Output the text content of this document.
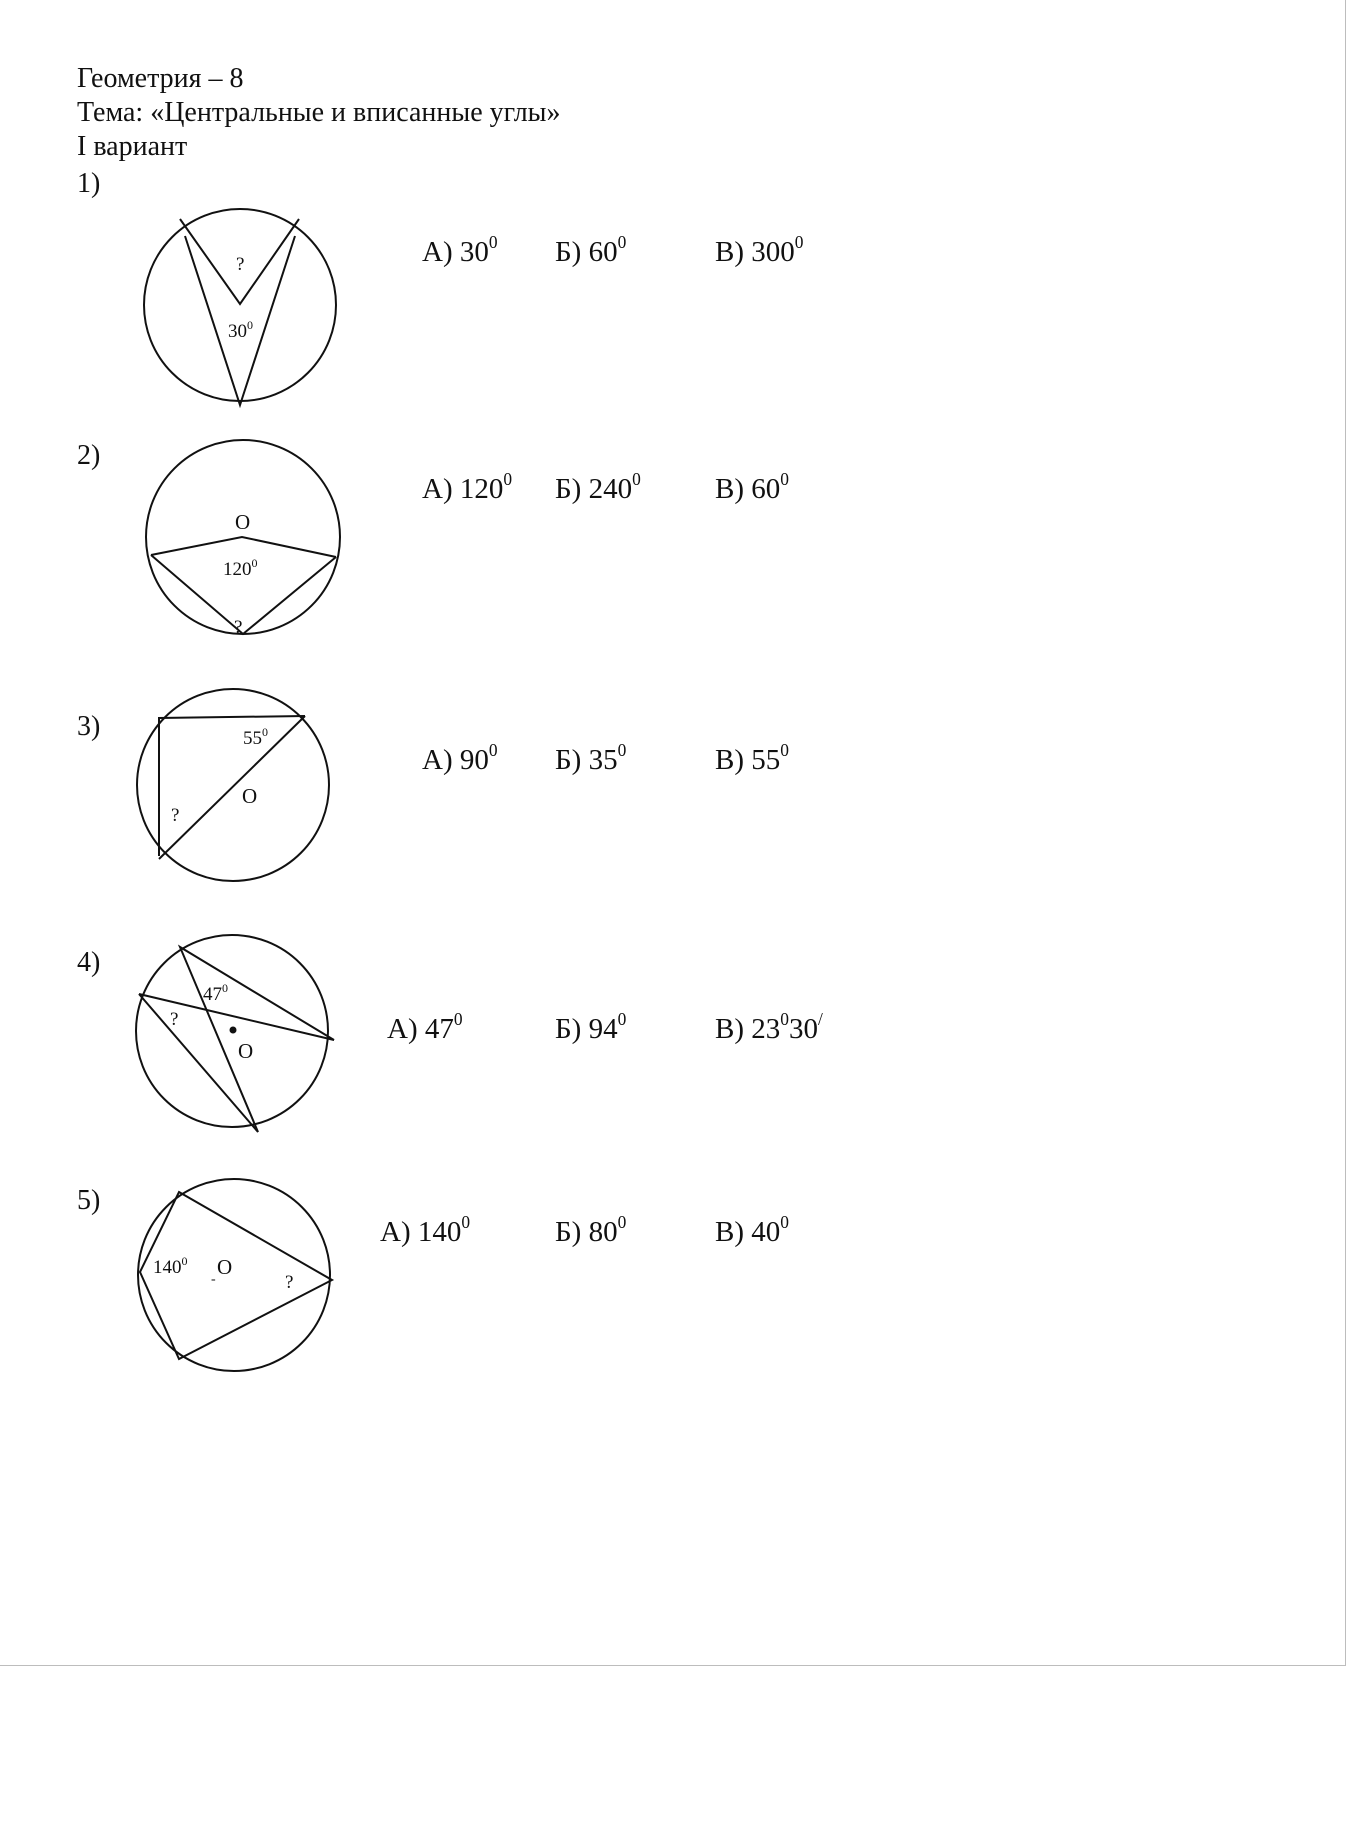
Геометрия – 8
Тема: «Центральные и вписанные углы»
I вариант
1)
?
$30^0$
А) $30^0$ Б) $60^0$	В) $300^0$
2)
O
$120^0$
?
А) $120^0$ Б) $240^0$	В) $60^0$
3)	$55^0$
O
?
А) $90^0$ Б) $35^0$	В) $55^0$
4)
$47^0$
?
O
А) $47^0$	Б) $94^0$	В) $23^030^/$
5)
$140^0$
-
O
?
А) $140^0$	Б) $80^0$	В) $40^0$
